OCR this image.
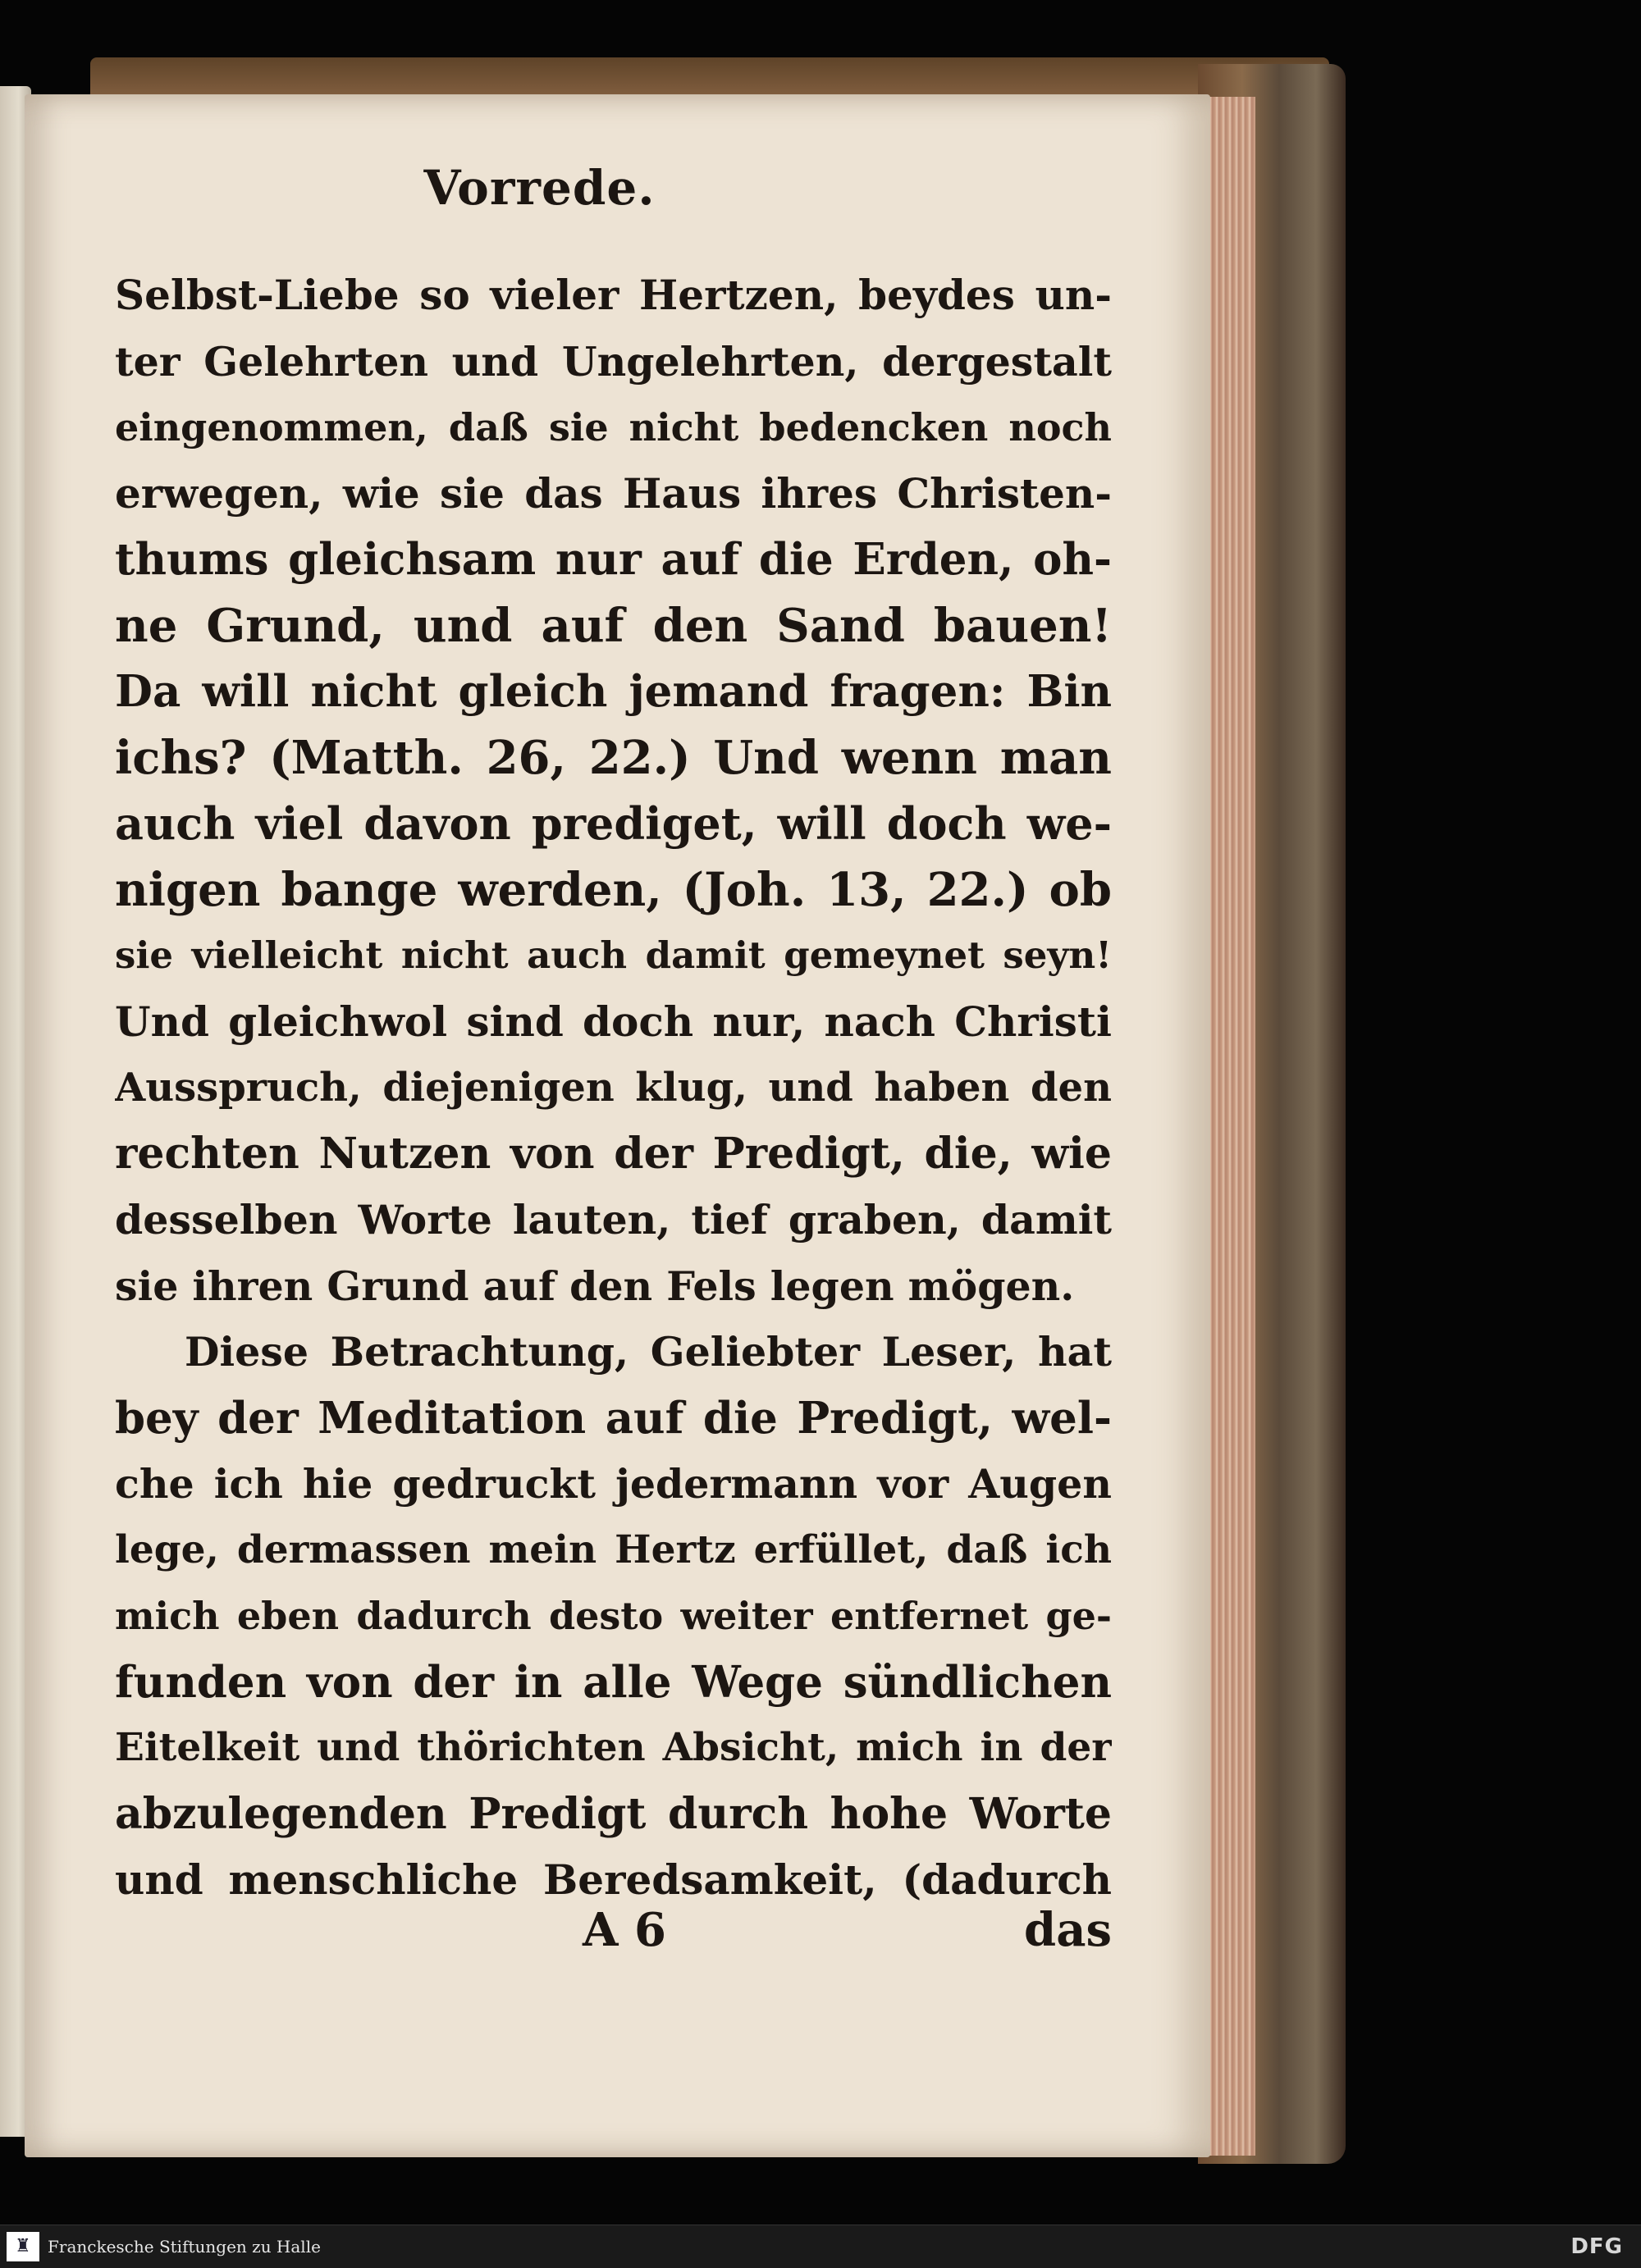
Vorrede.
Selbst-Liebe so vieler Hertzen, beydes un-
ter Gelehrten und Ungelehrten, dergestalt
eingenommen, daß sie nicht bedencken noch
erwegen, wie sie das Haus ihres Christen-
thums gleichsam nur auf die Erden, oh-
ne Grund, und auf den Sand bauen!
Da will nicht gleich jemand fragen: Bin
ichs? (Matth. 26, 22.) Und wenn man
auch viel davon prediget, will doch we-
nigen bange werden, (Joh. 13, 22.) ob
sie vielleicht nicht auch damit gemeynet seyn!
Und gleichwol sind doch nur, nach Christi
Ausspruch, diejenigen klug, und haben den
rechten Nutzen von der Predigt, die, wie
desselben Worte lauten, tief graben, damit
sie ihren Grund auf den Fels legen mögen.
Diese Betrachtung, Geliebter Leser, hat
bey der Meditation auf die Predigt, wel-
che ich hie gedruckt jedermann vor Augen
lege, dermassen mein Hertz erfüllet, daß ich
mich eben dadurch desto weiter entfernet ge-
funden von der in alle Wege sündlichen
Eitelkeit und thörichten Absicht, mich in der
abzulegenden Predigt durch hohe Worte
und menschliche Beredsamkeit, (dadurch
A 6	das
♜	Franckesche Stiftungen zu Halle	DFG
